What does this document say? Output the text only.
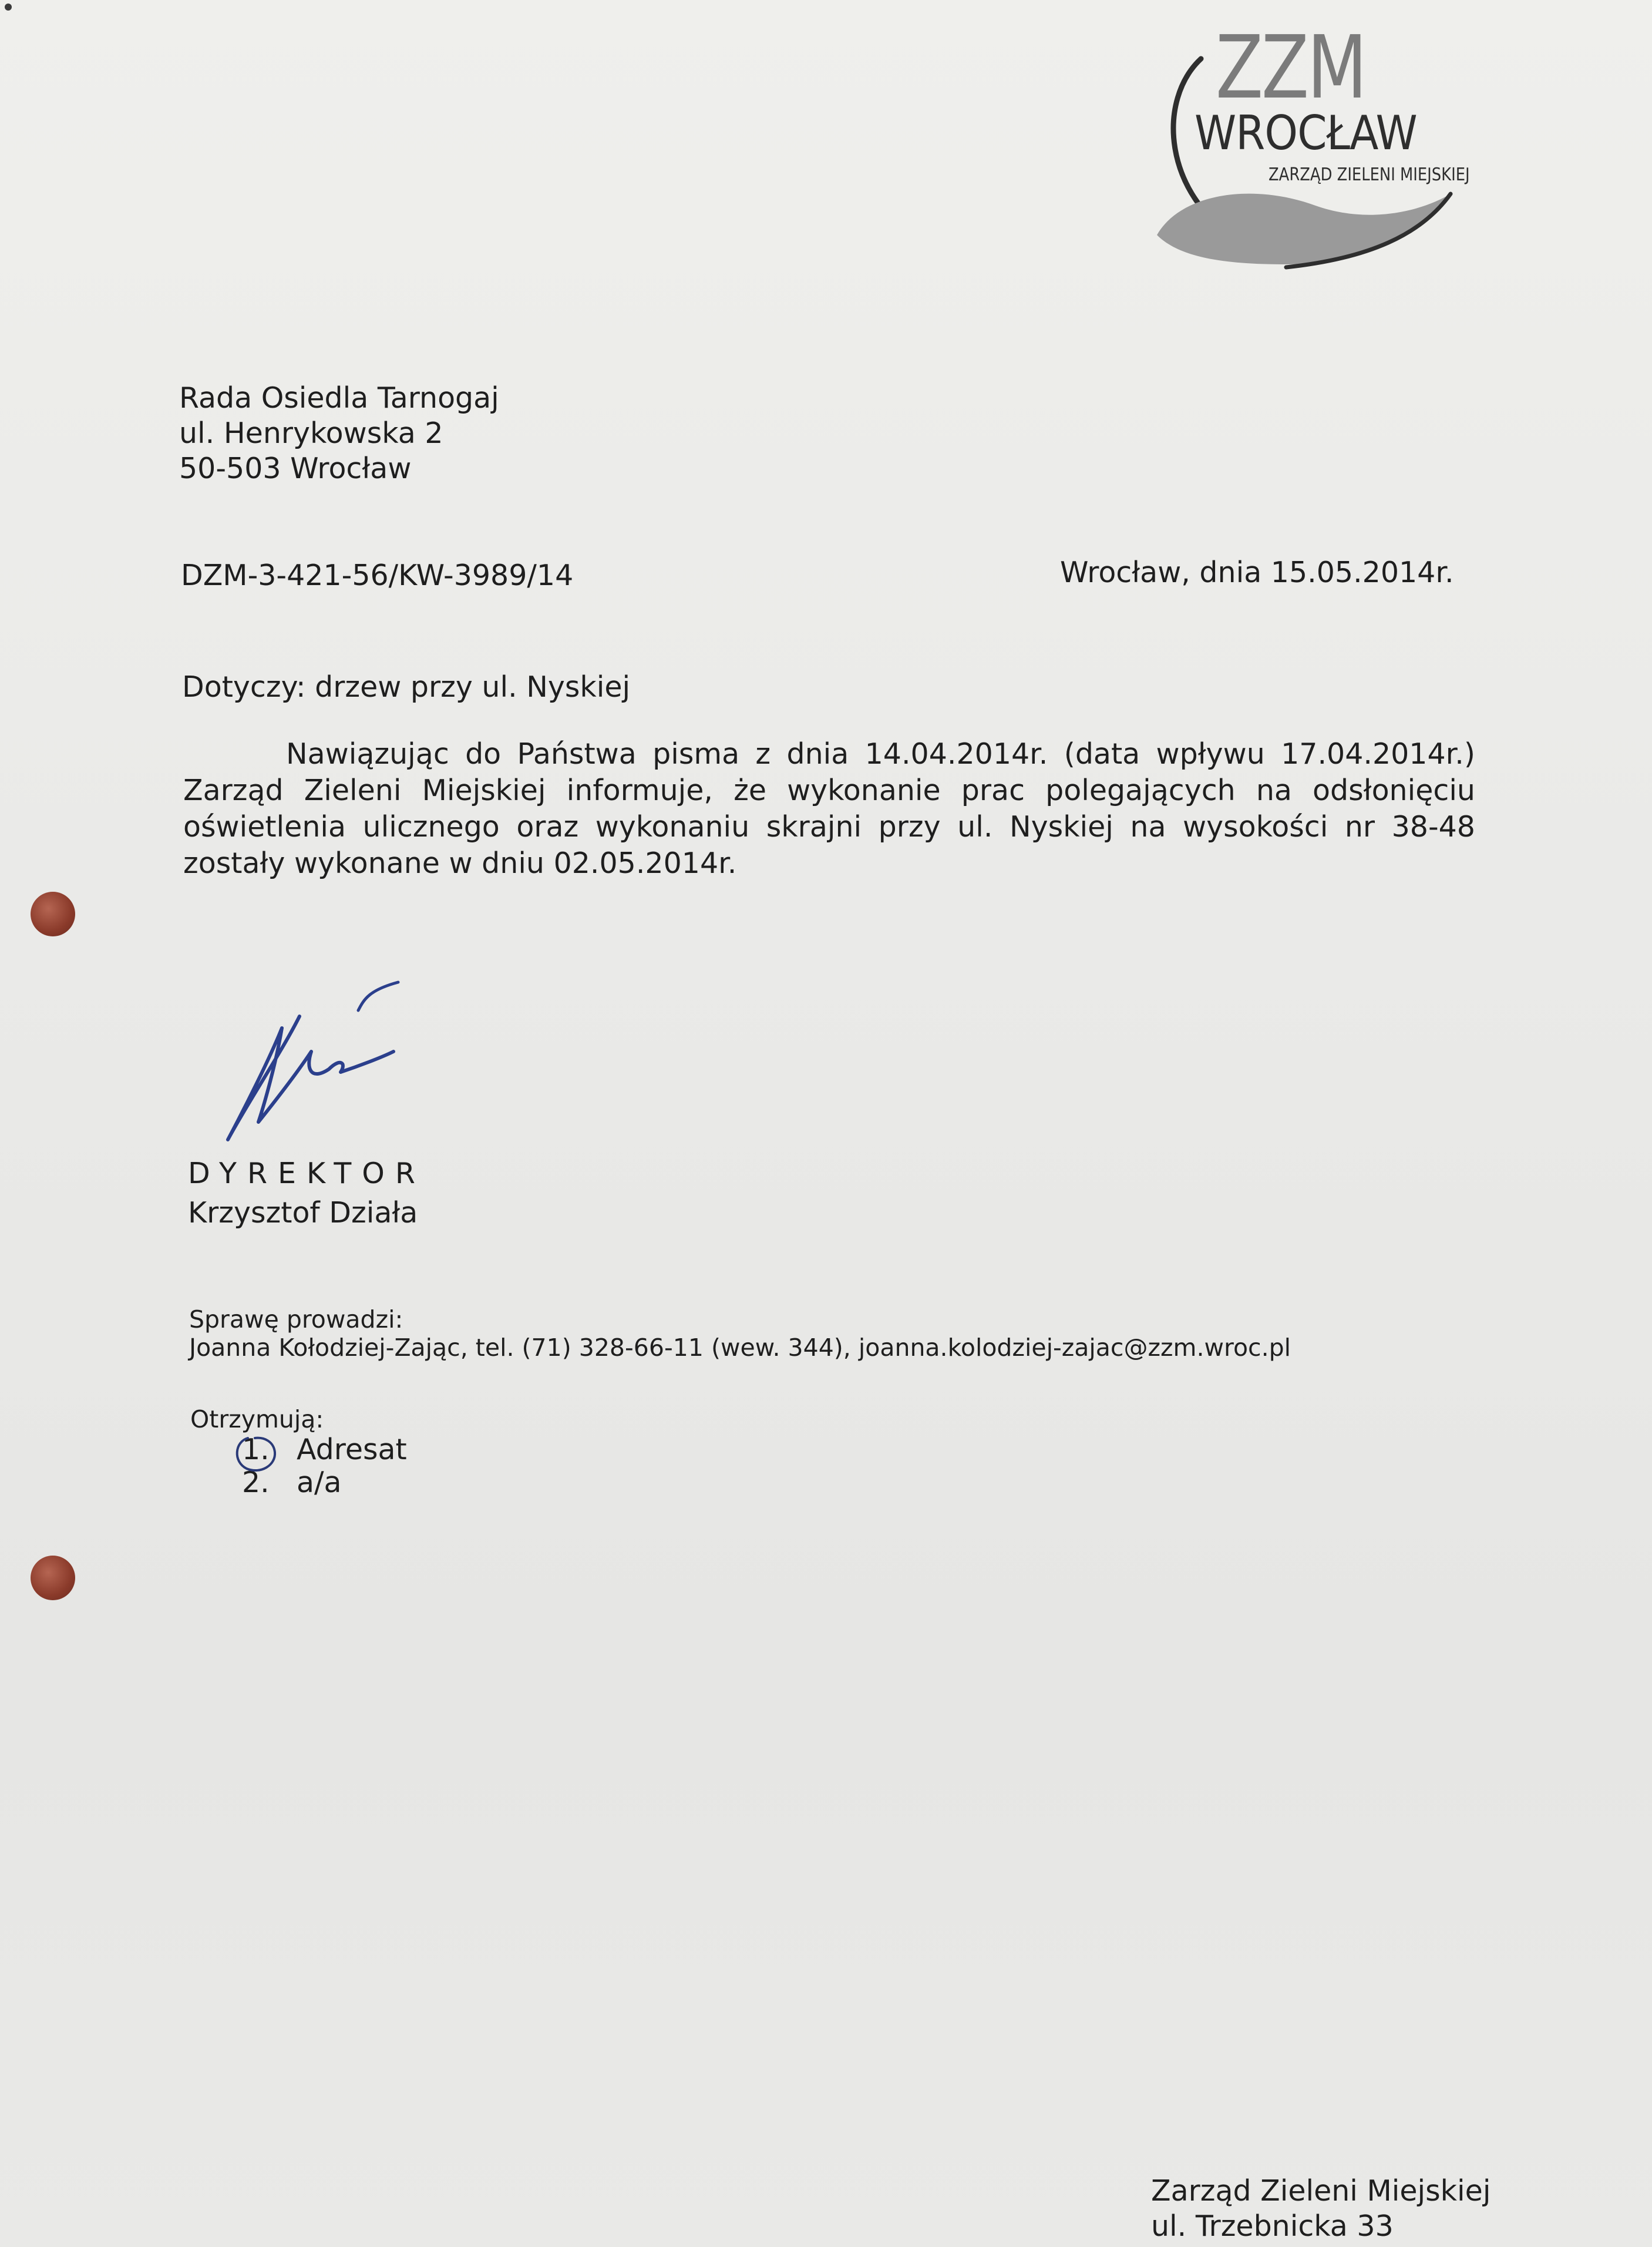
ZZM
WROCŁAW
ZARZĄD ZIELENI MIEJSKIEJ
Rada Osiedla Tarnogaj
ul. Henrykowska 2
50-503 Wrocław
DZM-3-421-56/KW-3989/14	Wrocław, dnia 15.05.2014r.
Dotyczy: drzew przy ul. Nyskiej
Nawiązując do Państwa pisma z dnia 14.04.2014r. (data wpływu 17.04.2014r.) Zarząd Zieleni Miejskiej informuje, że wykonanie prac polegających na odsłonięciu oświetlenia ulicznego oraz wykonaniu skrajni przy ul. Nyskiej na wysokości nr 38-48 zostały wykonane w dniu 02.05.2014r.
DYREKTOR
Krzysztof Działa
Sprawę prowadzi:
Joanna Kołodziej-Zając, tel. (71) 328-66-11 (wew. 344), joanna.kolodziej-zajac@zzm.wroc.pl
Otrzymują:
1. Adresat
2. a/a
Zarząd Zieleni Miejskiej
ul. Trzebnicka 33
